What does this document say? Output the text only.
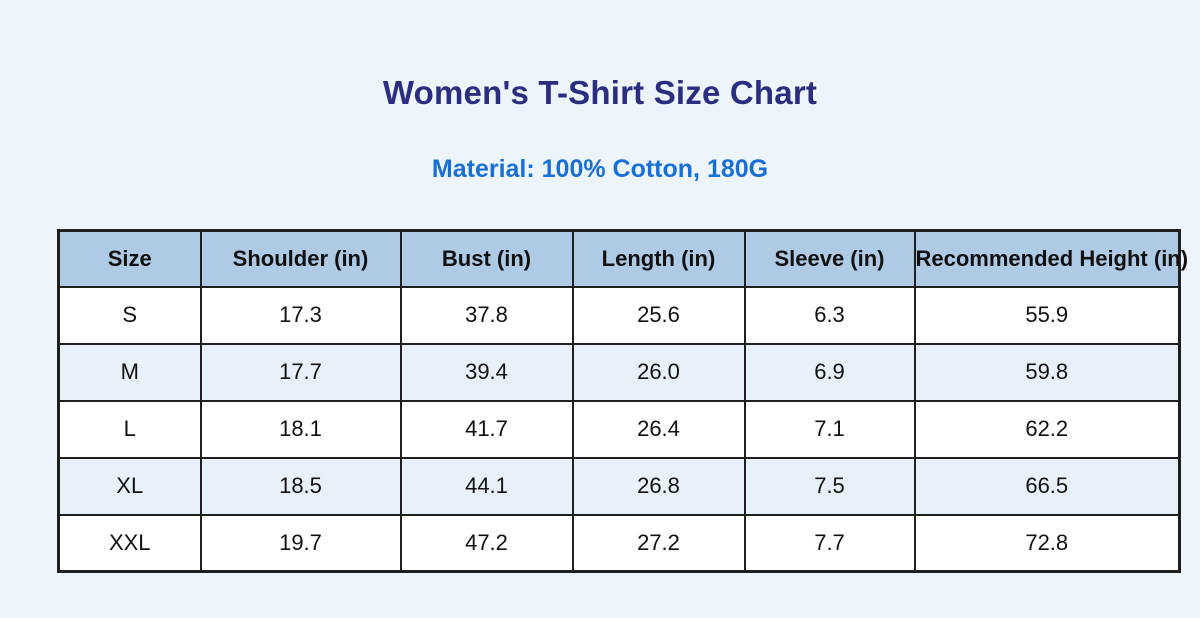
Women's T-Shirt Size Chart
Material: 100% Cotton, 180G
Size	Shoulder (in)	Bust (in)	Length (in)	Sleeve (in)	Recommended Height (in)
S	17.3	37.8	25.6	6.3	55.9
M	17.7	39.4	26.0	6.9	59.8
L	18.1	41.7	26.4	7.1	62.2
XL	18.5	44.1	26.8	7.5	66.5
XXL	19.7	47.2	27.2	7.7	72.8
